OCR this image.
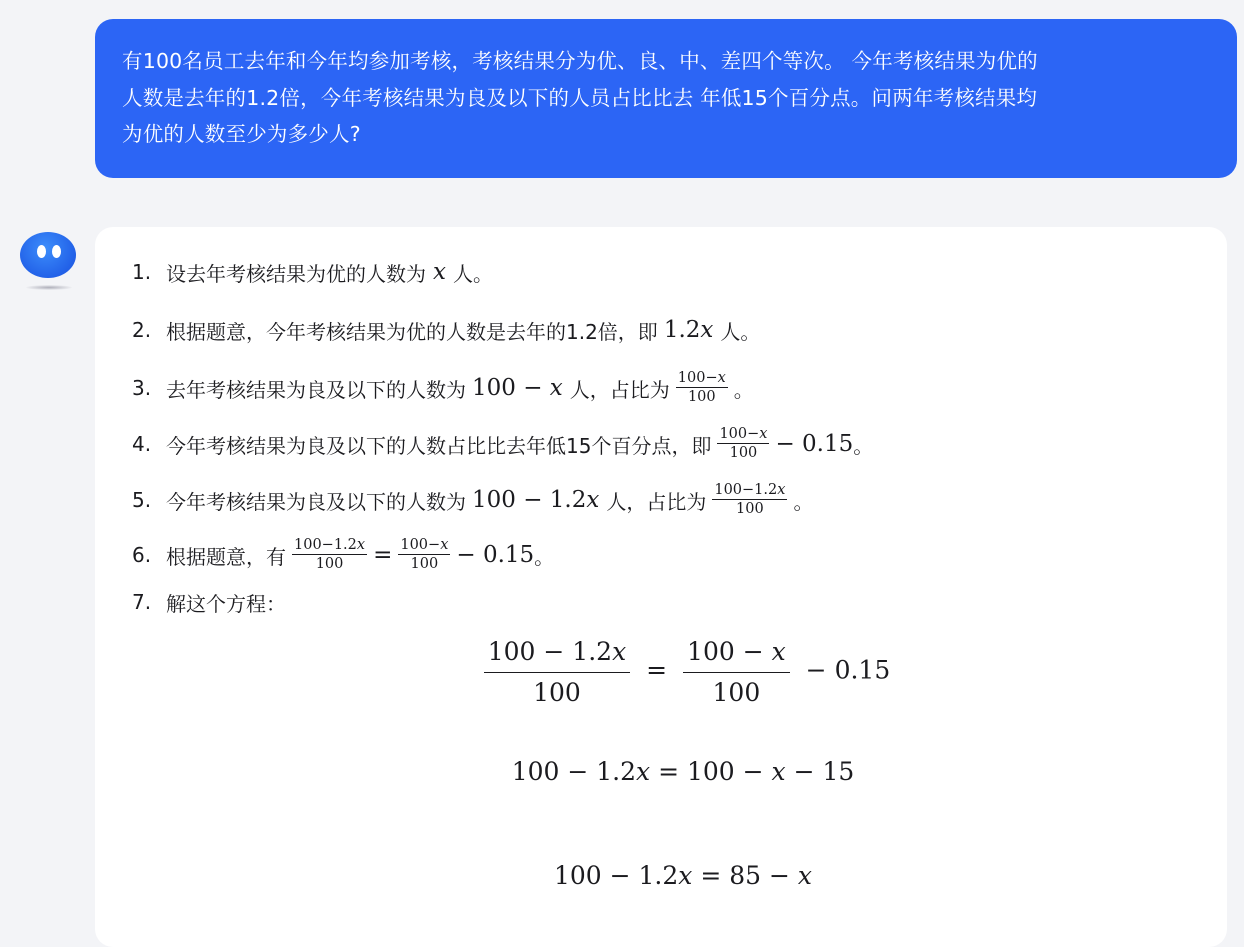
有100名员工去年和今年均参加考核，考核结果分为优、良、中、差四个等次。 今年考核结果为优的

人数是去年的1.2倍，今年考核结果为良及以下的人员占比比去 年低15个百分点。问两年考核结果均

为优的人数至少为多少人?

1. 设去年考核结果为优的人数为 x 人。
2. 根据题意，今年考核结果为优的人数是去年的1.2倍，即 1.2x 人。
3. 去年考核结果为良及以下的人数为 100 − x 人，占比为 $\frac{100-x}{100}$ 。
4. 今年考核结果为良及以下的人数占比比去年低15个百分点，即 $\frac{100-x}{100} - 0.15$ 。
5. 今年考核结果为良及以下的人数为 100 − 1.2x 人，占比为 $\frac{100-1.2x}{100}$ 。
6. 根据题意，有 $\frac{100-1.2x}{100} = \frac{100-x}{100} - 0.15$ 。
7. 解这个方程：
$\frac{100 - 1.2x}{100} = \frac{100 - x}{100} - 0.15$
100 − 1.2x = 100 − x − 15
100 − 1.2x = 85 − x
